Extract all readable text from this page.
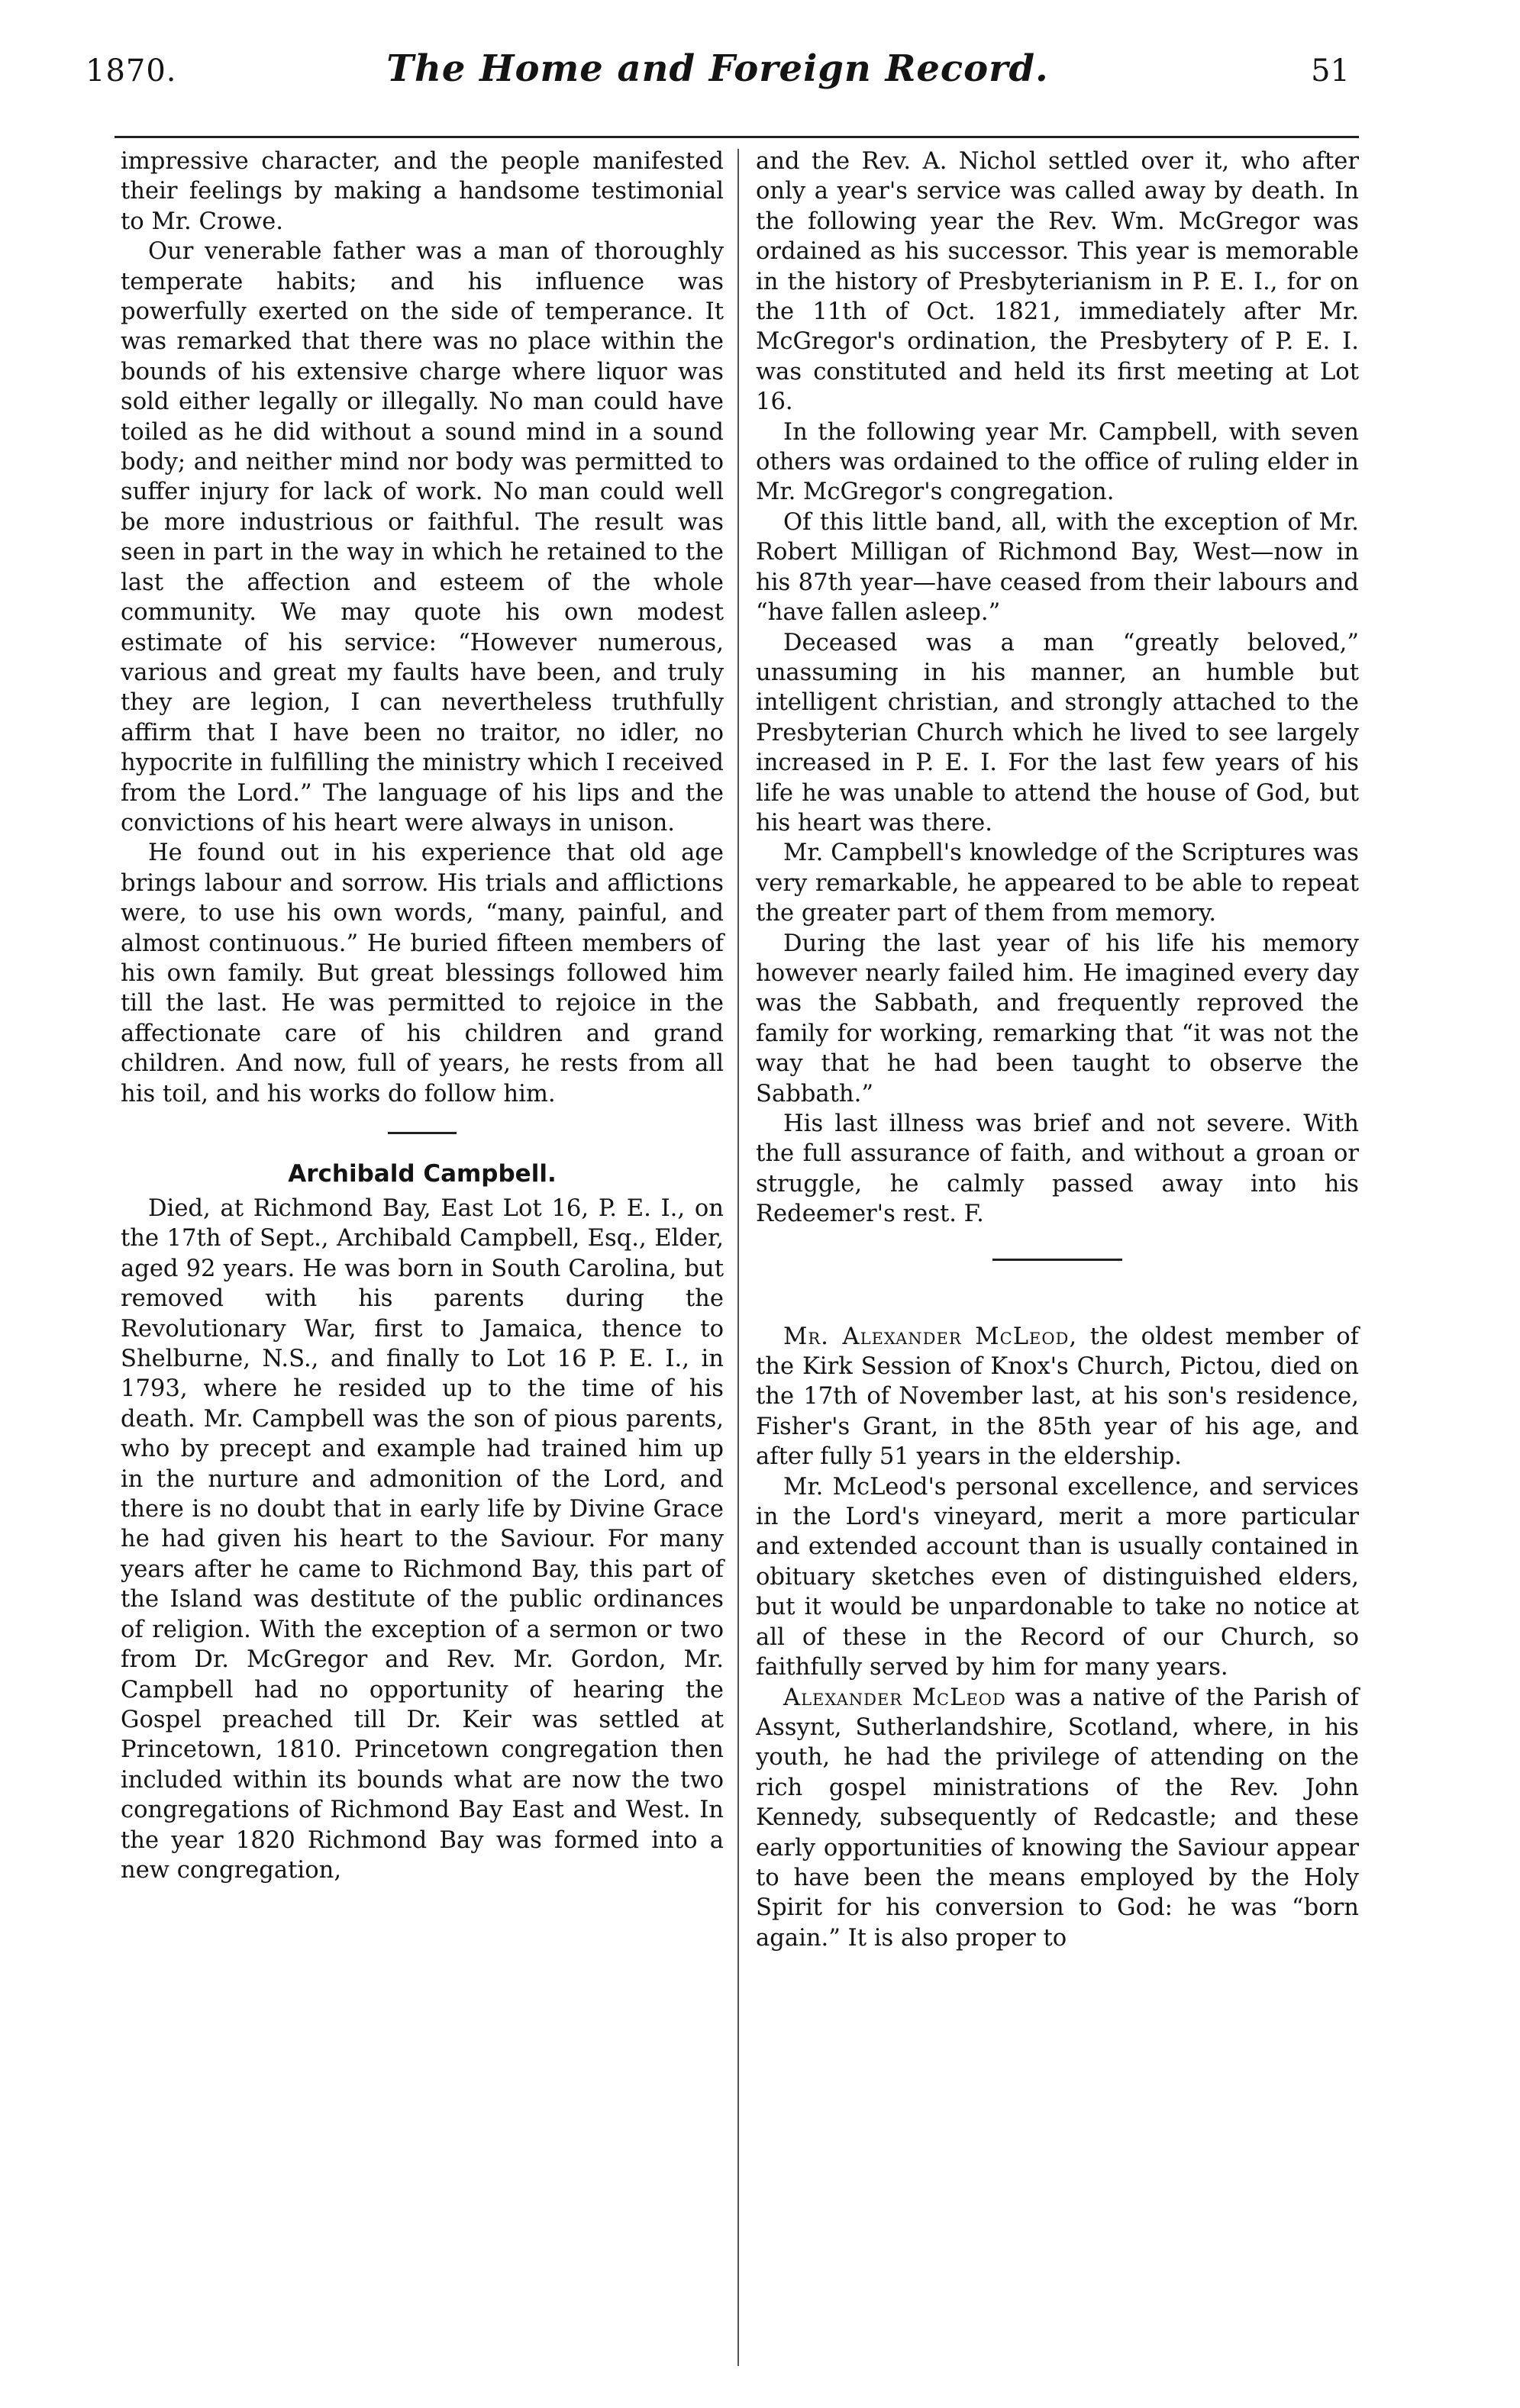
1870.	The Home and Foreign Record.	51

impressive character, and the people manifested their feelings by making a handsome testimonial to Mr. Crowe.

Our venerable father was a man of thoroughly temperate habits; and his influence was powerfully exerted on the side of temperance. It was remarked that there was no place within the bounds of his extensive charge where liquor was sold either legally or illegally. No man could have toiled as he did without a sound mind in a sound body; and neither mind nor body was permitted to suffer injury for lack of work. No man could well be more industrious or faithful. The result was seen in part in the way in which he retained to the last the affection and esteem of the whole community. We may quote his own modest estimate of his service: “However numerous, various and great my faults have been, and truly they are legion, I can nevertheless truthfully affirm that I have been no traitor, no idler, no hypocrite in fulfilling the ministry which I received from the Lord.” The language of his lips and the convictions of his heart were always in unison.

He found out in his experience that old age brings labour and sorrow. His trials and afflictions were, to use his own words, “many, painful, and almost continuous.” He buried fifteen members of his own family. But great blessings followed him till the last. He was permitted to rejoice in the affectionate care of his children and grand children. And now, full of years, he rests from all his toil, and his works do follow him.

Archibald Campbell.

Died, at Richmond Bay, East Lot 16, P. E. I., on the 17th of Sept., Archibald Campbell, Esq., Elder, aged 92 years. He was born in South Carolina, but removed with his parents during the Revolutionary War, first to Jamaica, thence to Shelburne, N.S., and finally to Lot 16 P. E. I., in 1793, where he resided up to the time of his death. Mr. Campbell was the son of pious parents, who by precept and example had trained him up in the nurture and admonition of the Lord, and there is no doubt that in early life by Divine Grace he had given his heart to the Saviour. For many years after he came to Richmond Bay, this part of the Island was destitute of the public ordinances of religion. With the exception of a sermon or two from Dr. McGregor and Rev. Mr. Gordon, Mr. Campbell had no opportunity of hearing the Gospel preached till Dr. Keir was settled at Princetown, 1810. Princetown congregation then included within its bounds what are now the two congregations of Richmond Bay East and West. In the year 1820 Richmond Bay was formed into a new congregation,

and the Rev. A. Nichol settled over it, who after only a year's service was called away by death. In the following year the Rev. Wm. McGregor was ordained as his successor. This year is memorable in the history of Presbyterianism in P. E. I., for on the 11th of Oct. 1821, immediately after Mr. McGregor's ordination, the Presbytery of P. E. I. was constituted and held its first meeting at Lot 16.

In the following year Mr. Campbell, with seven others was ordained to the office of ruling elder in Mr. McGregor's congregation.

Of this little band, all, with the exception of Mr. Robert Milligan of Richmond Bay, West—now in his 87th year—have ceased from their labours and “have fallen asleep.”

Deceased was a man “greatly beloved,” unassuming in his manner, an humble but intelligent christian, and strongly attached to the Presbyterian Church which he lived to see largely increased in P. E. I. For the last few years of his life he was unable to attend the house of God, but his heart was there.

Mr. Campbell's knowledge of the Scriptures was very remarkable, he appeared to be able to repeat the greater part of them from memory.

During the last year of his life his memory however nearly failed him. He imagined every day was the Sabbath, and frequently reproved the family for working, remarking that “it was not the way that he had been taught to observe the Sabbath.”

His last illness was brief and not severe. With the full assurance of faith, and without a groan or struggle, he calmly passed away into his Redeemer's rest. F.

Mr. Alexander McLeod, the oldest member of the Kirk Session of Knox's Church, Pictou, died on the 17th of November last, at his son's residence, Fisher's Grant, in the 85th year of his age, and after fully 51 years in the eldership.

Mr. McLeod's personal excellence, and services in the Lord's vineyard, merit a more particular and extended account than is usually contained in obituary sketches even of distinguished elders, but it would be unpardonable to take no notice at all of these in the Record of our Church, so faithfully served by him for many years.

Alexander McLeod was a native of the Parish of Assynt, Sutherlandshire, Scotland, where, in his youth, he had the privilege of attending on the rich gospel ministrations of the Rev. John Kennedy, subsequently of Redcastle; and these early opportunities of knowing the Saviour appear to have been the means employed by the Holy Spirit for his conversion to God: he was “born again.” It is also proper to
